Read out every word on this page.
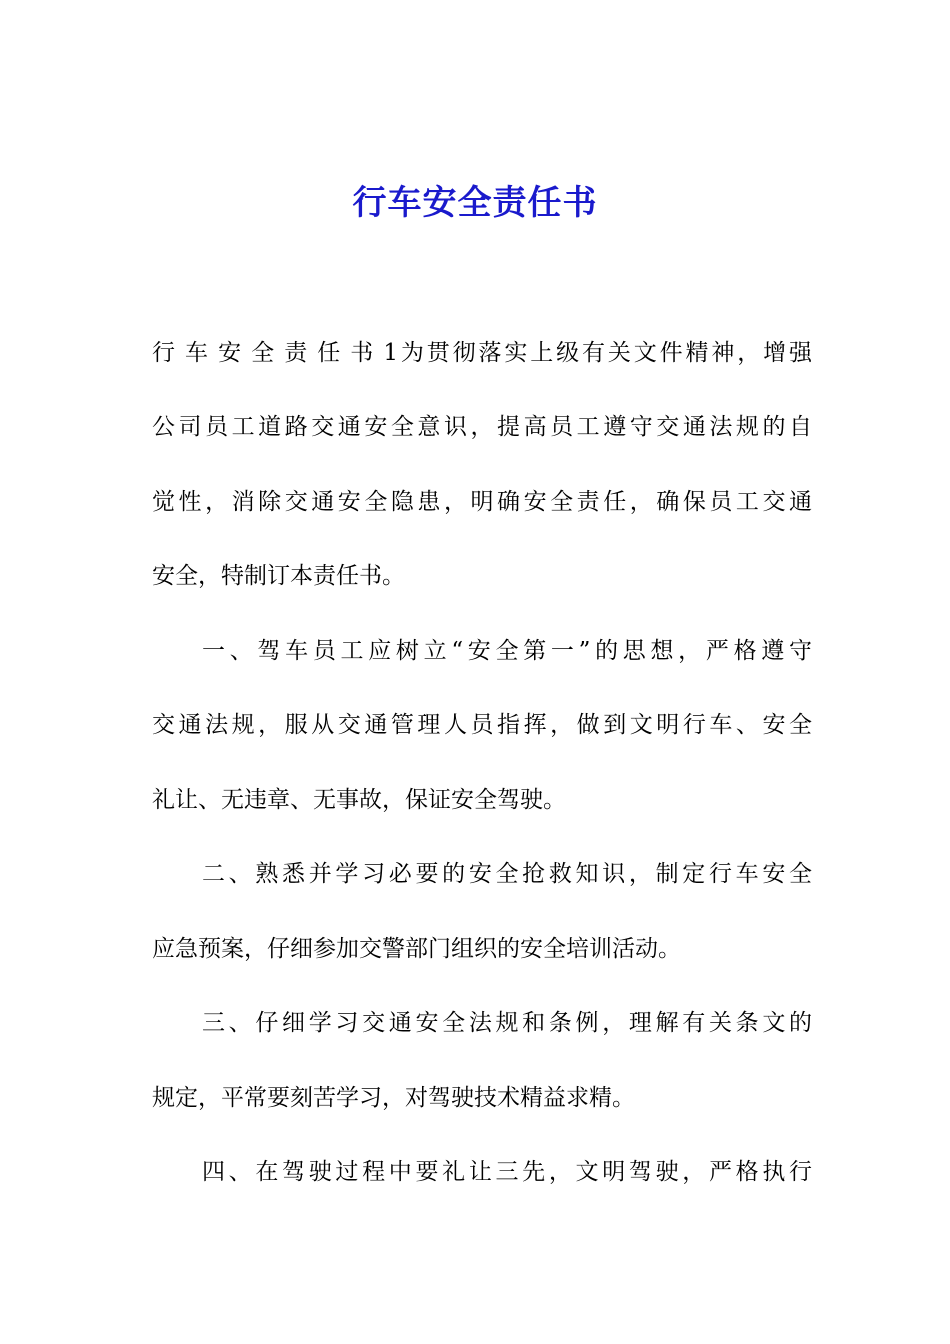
行车安全责任书

行车安全责任书1为贯彻落实上级有关文件精神，增强

公司员工道路交通安全意识，提高员工遵守交通法规的自

觉性，消除交通安全隐患，明确安全责任，确保员工交通

安全，特制订本责任书。

一、驾车员工应树立“安全第一”的思想，严格遵守

交通法规，服从交通管理人员指挥，做到文明行车、安全

礼让、无违章、无事故，保证安全驾驶。

二、熟悉并学习必要的安全抢救知识，制定行车安全

应急预案，仔细参加交警部门组织的安全培训活动。

三、仔细学习交通安全法规和条例，理解有关条文的

规定，平常要刻苦学习，对驾驶技术精益求精。

四、在驾驶过程中要礼让三先，文明驾驶，严格执行
